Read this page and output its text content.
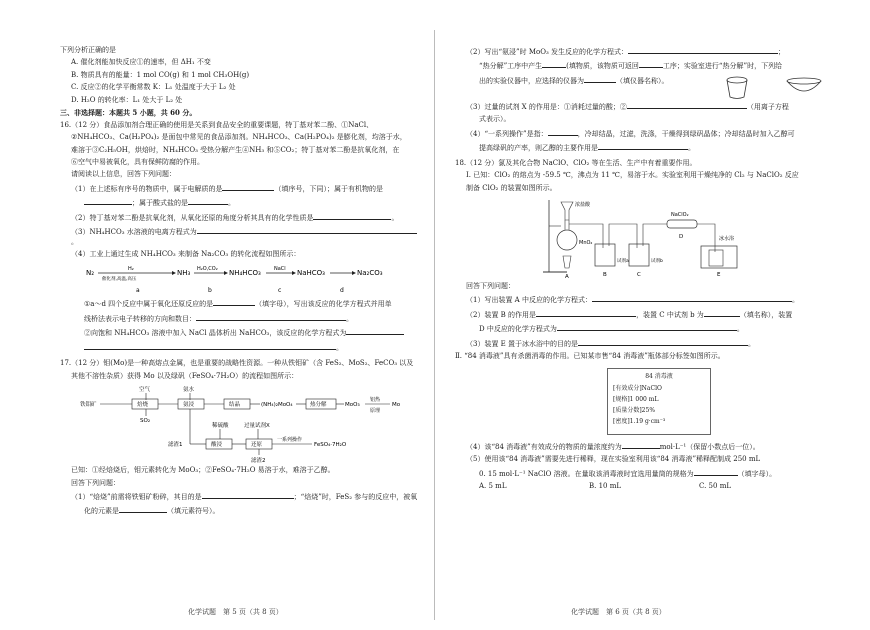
下列分析正确的是

A. 催化剂能加快反应①的速率，但 ΔH₁ 不变

B. 物质具有的能量：1 mol CO(g) 和 1 mol CH₃OH(g)

C. 反应②的化学平衡常数 K：L₁ 处温度于大于 L₂ 处

D. H₂O 的转化率：L₁ 处大于 L₂ 处

三、非选择题：本题共 5 小题，共 60 分。

16.（12 分）食品添加剂合理正确的使用是关系到食品安全的重要课题，特丁基对苯二酚、①NaCl、

②NH₄HCO₃、Ca(H₂PO₄)₂ 是面包中常见的食品添加剂。NH₄HCO₃、Ca(H₂PO₄)₂ 是膨化剂，均溶于水，

难溶于③C₂H₅OH，烘焙时，NH₄HCO₃ 受热分解产生④NH₃ 和⑤CO₂；特丁基对苯二酚是抗氧化剂，在

⑥空气中易被氧化，具有保鲜防腐的作用。

请阅读以上信息，回答下列问题：

（1）在上述标有序号的物质中，属于电解质的是	（填序号，下同）；属于有机物的是

；属于酸式盐的是	。

（2）特丁基对苯二酚是抗氧化剂，从氧化还原的角度分析其具有的化学性质是	。

（3）NH₄HCO₃ 水溶液的电离方程式为。

（4）工业上通过生成 NH₄HCO₃ 来制备 Na₂CO₃ 的转化流程如图所示：

N₂	H₂
催化剂,高温,高压
NH₃ H₂O,CO₂ NH₄HCO₃	NaCl NaHCO₃	Na₂CO₃
a	b	c	d

①a～d 四个反应中属于氧化还原反应的是	（填字母），写出该反应的化学方程式并用单

线桥法表示电子转移的方向和数目：	。

②向饱和 NH₄HCO₃ 溶液中加入 NaCl 晶体析出 NaHCO₃，该反应的化学方程式为

。

17.（12 分）钼(Mo)是一种高熔点金属，也是重要的战略性资源。一种从铁钼矿（含 FeS₂、MoS₂、FeCO₃ 以及

其他不溶性杂质）获得 Mo 以及绿矾（FeSO₄·7H₂O）的流程如图所示：

空气	氨水
铁钼矿	焙烧	氨浸	结晶	(NH₄)₂MoO₄	热分解	MoO₃
铝热
原理
Mo
SO₂
稀硫酸	过量试剂X
滤渣1	酸浸	还原
一系列操作
FeSO₄·7H₂O
滤渣2

已知：①经焙烧后，钼元素转化为 MoO₃；②FeSO₄·7H₂O 易溶于水，难溶于乙醇。

回答下列问题：

（1）“焙烧”前需将铁钼矿粉碎，其目的是	；“焙烧”时，FeS₂ 参与的反应中，被氧

化的元素是	（填元素符号）。

化学试题　第 5 页（共 8 页）

（2）写出“氨浸”时 MoO₃ 发生反应的化学方程式：	；

“热分解”工序中产生	(填物质，该物质可返回	工序；实验室进行“热分解”时，下列给

出的实验仪器中，应选择的仪器为	（填仪器名称）。

（3）过量的试剂 X 的作用是：①消耗过量的酸；②	（用离子方程

式表示）。

（4）“一系列操作”是指：	，冷却结晶，过滤，洗涤，干燥得到绿矾晶体；冷却结晶时加入乙醇可

提高绿矾的产率，则乙醇的主要作用是	。

18.（12 分）氯及其化合物 NaClO、ClO₂ 等在生活、生产中有着重要作用。

Ⅰ. 已知：ClO₂ 的熔点为 -59.5 ℃，沸点为 11 ℃，易溶于水。实验室利用干燥纯净的 Cl₂ 与 NaClO₂ 反应

制备 ClO₂ 的装置如图所示。

浓盐酸
MnO₂
试剂a	试剂b
NaClO₂
冰水浴
A	B	C
D
E

回答下列问题：

（1）写出装置 A 中反应的化学方程式：	。

（2）装置 B 的作用是	，装置 C 中试剂 b 为	（填名称），装置

D 中反应的化学方程式为	。

（3）装置 E 置于冰水浴中的目的是	。

Ⅱ. “84 消毒液”具有杀菌消毒的作用。已知某市售“84 消毒液”瓶体部分标签如图所示。

84 消毒液
[有效成分]NaClO
[规格]1 000 mL
[质量分数]25%
[密度]1.19 g·cm⁻³

（4）该“84 消毒液”有效成分的物质的量浓度约为	mol·L⁻¹（保留小数点后一位）。

（5）使用该“84 消毒液”需要先进行稀释，现在实验室利用该“84 消毒液”稀释配制成 250 mL

0. 15 mol·L⁻¹ NaClO 溶液。在量取该消毒液时宜选用量筒的规格为	（填字母）。

A. 5 mL	B. 10 mL	C. 50 mL

化学试题　第 6 页（共 8 页）
